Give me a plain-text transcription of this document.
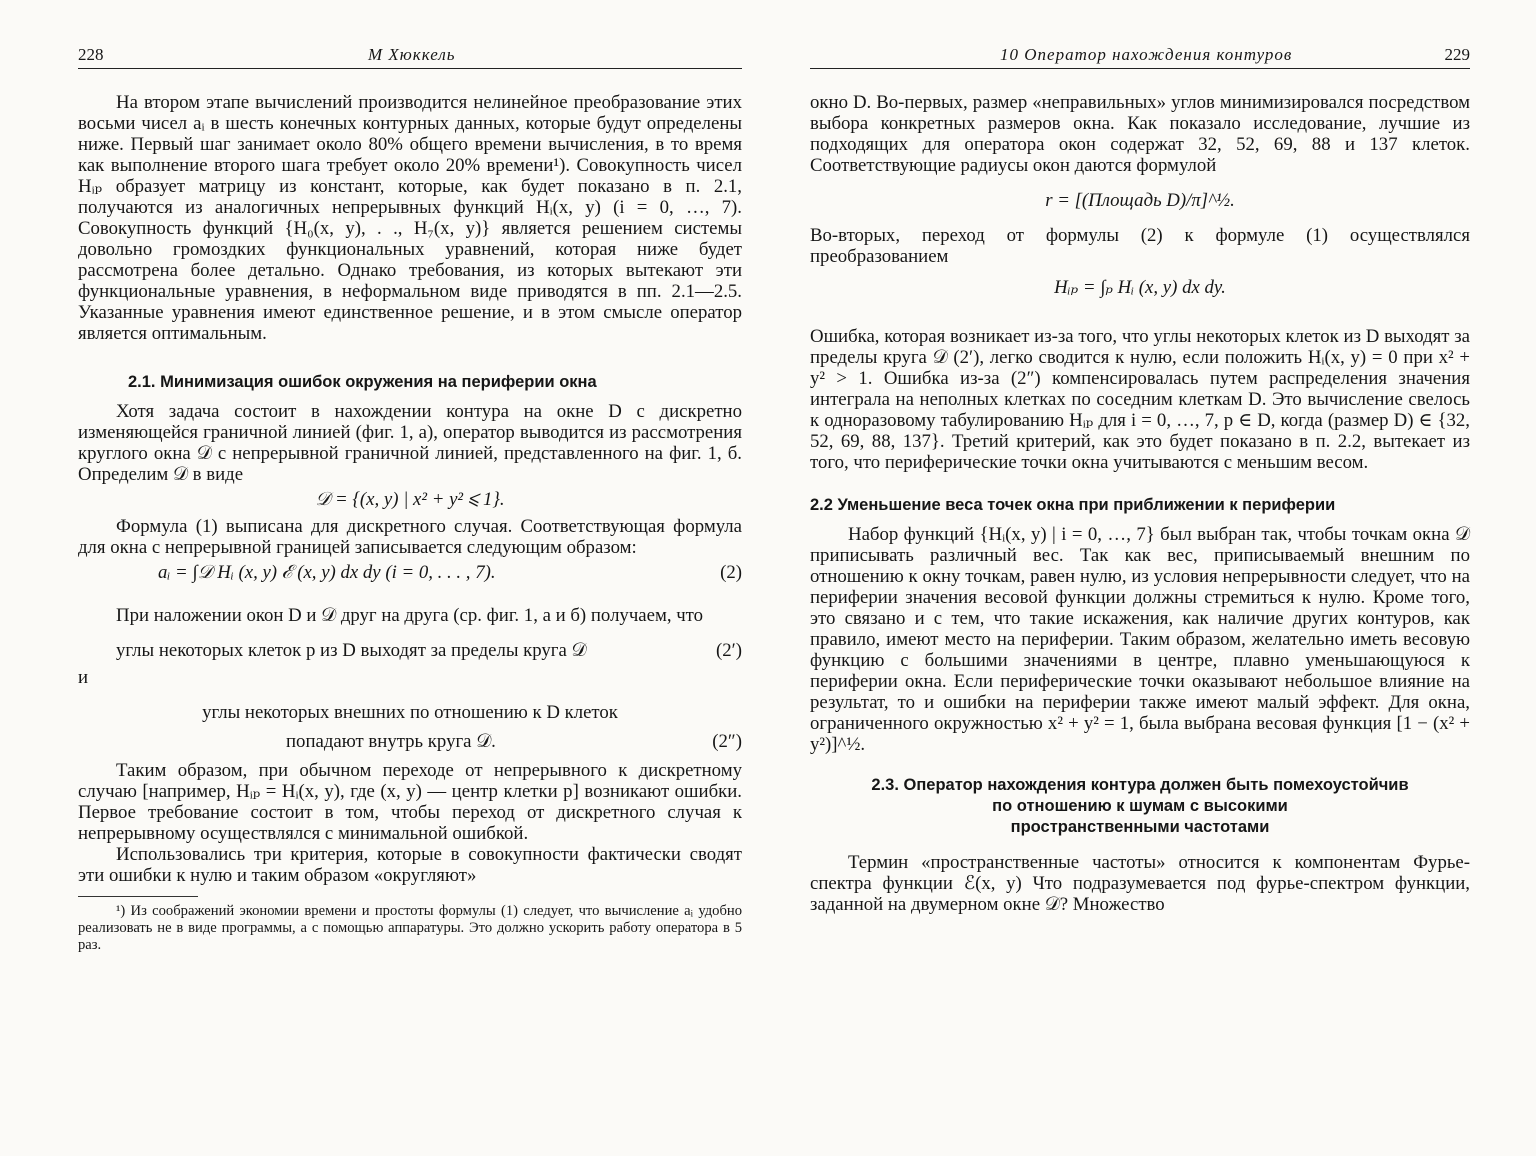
228	М Хюккель

На втором этапе вычислений производится нелинейное преобразование этих восьми чисел aᵢ в шесть конечных контурных данных, которые будут определены ниже. Первый шаг занимает около 80% общего времени вычисления, в то время как выполнение второго шага требует около 20% времени¹). Совокупность чисел Hᵢₚ образует матрицу из констант, которые, как будет показано в п. 2.1, получаются из аналогичных непрерывных функций Hᵢ(x, y) (i = 0, …, 7). Совокупность функций {H₀(x, y), . ., H₇(x, y)} является решением системы довольно громоздких функциональных уравнений, которая ниже будет рассмотрена более детально. Однако требования, из которых вытекают эти функциональные уравнения, в неформальном виде приводятся в пп. 2.1—2.5. Указанные уравнения имеют единственное решение, и в этом смысле оператор является оптимальным.

2.1. Минимизация ошибок окружения на периферии окна

Хотя задача состоит в нахождении контура на окне D с дискретно изменяющейся граничной линией (фиг. 1, а), оператор выводится из рассмотрения круглого окна 𝒟 с непрерывной граничной линией, представленного на фиг. 1, б. Определим 𝒟 в виде

𝒟 = {(x, y) | x² + y² ⩽ 1}.

Формула (1) выписана для дискретного случая. Соответствующая формула для окна с непрерывной границей записывается следующим образом:

aᵢ = ∫𝒟 Hᵢ (x, y) ℰ (x, y) dx dy (i = 0, . . . , 7).	(2)

При наложении окон D и 𝒟 друг на друга (ср. фиг. 1, а и б) получаем, что

углы некоторых клеток p из D выходят за пределы круга 𝒟	(2′)

и

углы некоторых внешних по отношению к D клеток

попадают внутрь круга 𝒟.	(2″)

Таким образом, при обычном переходе от непрерывного к дискретному случаю [например, Hᵢₚ = Hᵢ(x, y), где (x, y) — центр клетки p] возникают ошибки. Первое требование состоит в том, чтобы переход от дискретного случая к непрерывному осуществлялся с минимальной ошибкой.

Использовались три критерия, которые в совокупности фактически сводят эти ошибки к нулю и таким образом «округляют»

¹) Из соображений экономии времени и простоты формулы (1) следует, что вычисление aᵢ удобно реализовать не в виде программы, а с помощью аппаратуры. Это должно ускорить работу оператора в 5 раз.

10 Оператор нахождения контуров	229

окно D. Во-первых, размер «неправильных» углов минимизировался посредством выбора конкретных размеров окна. Как показало исследование, лучшие из подходящих для оператора окон содержат 32, 52, 69, 88 и 137 клеток. Соответствующие радиусы окон даются формулой

r = [(Площадь D)/π]^½.

Во-вторых, переход от формулы (2) к формуле (1) осуществлялся преобразованием

Hᵢₚ = ∫ₚ Hᵢ (x, y) dx dy.

Ошибка, которая возникает из-за того, что углы некоторых клеток из D выходят за пределы круга 𝒟 (2′), легко сводится к нулю, если положить Hᵢ(x, y) = 0 при x² + y² > 1. Ошибка из-за (2″) компенсировалась путем распределения значения интеграла на неполных клетках по соседним клеткам D. Это вычисление свелось к одноразовому табулированию Hᵢₚ для i = 0, …, 7, p ∈ D, когда (размер D) ∈ {32, 52, 69, 88, 137}. Третий критерий, как это будет показано в п. 2.2, вытекает из того, что периферические точки окна учитываются с меньшим весом.

2.2 Уменьшение веса точек окна при приближении к периферии

Набор функций {Hᵢ(x, y) | i = 0, …, 7} был выбран так, чтобы точкам окна 𝒟 приписывать различный вес. Так как вес, приписываемый внешним по отношению к окну точкам, равен нулю, из условия непрерывности следует, что на периферии значения весовой функции должны стремиться к нулю. Кроме того, это связано и с тем, что такие искажения, как наличие других контуров, как правило, имеют место на периферии. Таким образом, желательно иметь весовую функцию с большими значениями в центре, плавно уменьшающуюся к периферии окна. Если периферические точки оказывают небольшое влияние на результат, то и ошибки на периферии также имеют малый эффект. Для окна, ограниченного окружностью x² + y² = 1, была выбрана весовая функция [1 − (x² + y²)]^½.

2.3. Оператор нахождения контура должен быть помехоустойчив

по отношению к шумам с высокими

пространственными частотами

Термин «пространственные частоты» относится к компонентам Фурье-спектра функции ℰ(x, y) Что подразумевается под фурье-спектром функции, заданной на двумерном окне 𝒟? Множество
